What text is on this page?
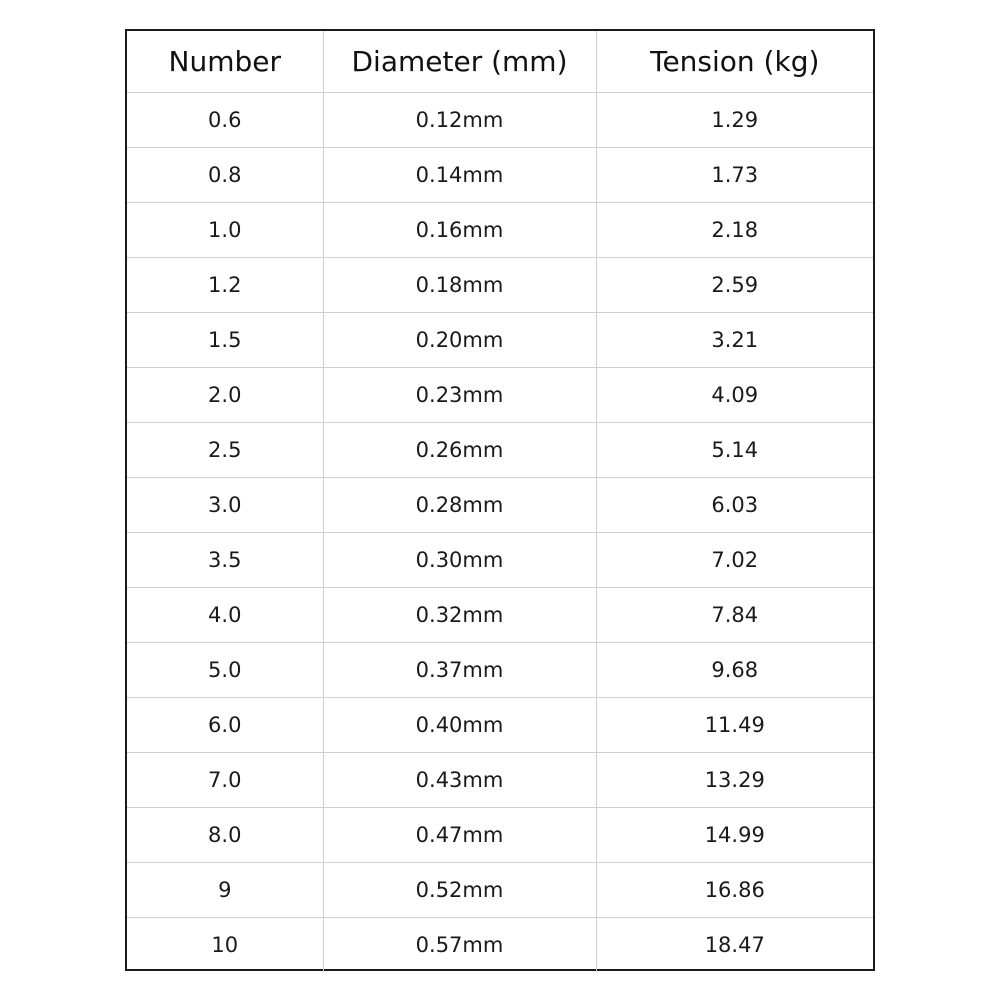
Number	Diameter (mm)	Tension (kg)
0.6	0.12mm	1.29
0.8	0.14mm	1.73
1.0	0.16mm	2.18
1.2	0.18mm	2.59
1.5	0.20mm	3.21
2.0	0.23mm	4.09
2.5	0.26mm	5.14
3.0	0.28mm	6.03
3.5	0.30mm	7.02
4.0	0.32mm	7.84
5.0	0.37mm	9.68
6.0	0.40mm	11.49
7.0	0.43mm	13.29
8.0	0.47mm	14.99
9	0.52mm	16.86
10	0.57mm	18.47
